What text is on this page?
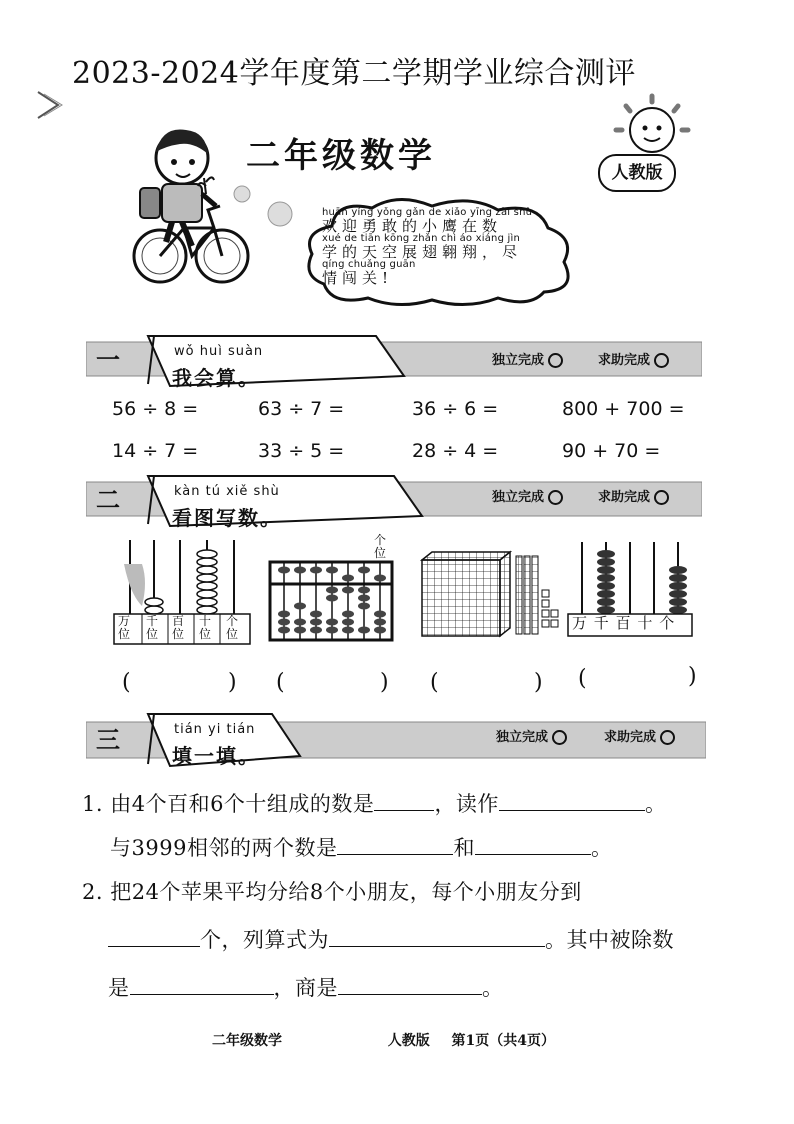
2023-2024学年度第二学期学业综合测评
二年级数学	人教版
huān yíng yǒng gǎn de xiǎo yīng zài shù
欢迎勇敢的小鹰在数
xué de tiān kōng zhǎn chì áo xiáng jìn
学的天空展翅翱翔，尽
qíng chuǎng guān
情闯关!
一	wǒ huì suàn
我会算。
独立完成	求助完成
56 ÷ 8 =	63 ÷ 7 =	36 ÷ 6 =	800 + 700 =
14 ÷ 7 =	33 ÷ 5 =	28 ÷ 4 =	90 + 70 =
二	kàn tú xiě shù
看图写数。
独立完成	求助完成
万位
千位
百位
十位
个位
个位
万 千 百 十 个
(	) (	) (	) (	)
三	tián yi tián
填一填。
独立完成	求助完成
1. 由4个百和6个十组成的数是	，读作	。
与3999相邻的两个数是	和	。
2. 把24个苹果平均分给8个小朋友，每个小朋友分到
个，列算式为	。其中被除数
是	，商是	。
二年级数学	人教版 第1页（共4页）
